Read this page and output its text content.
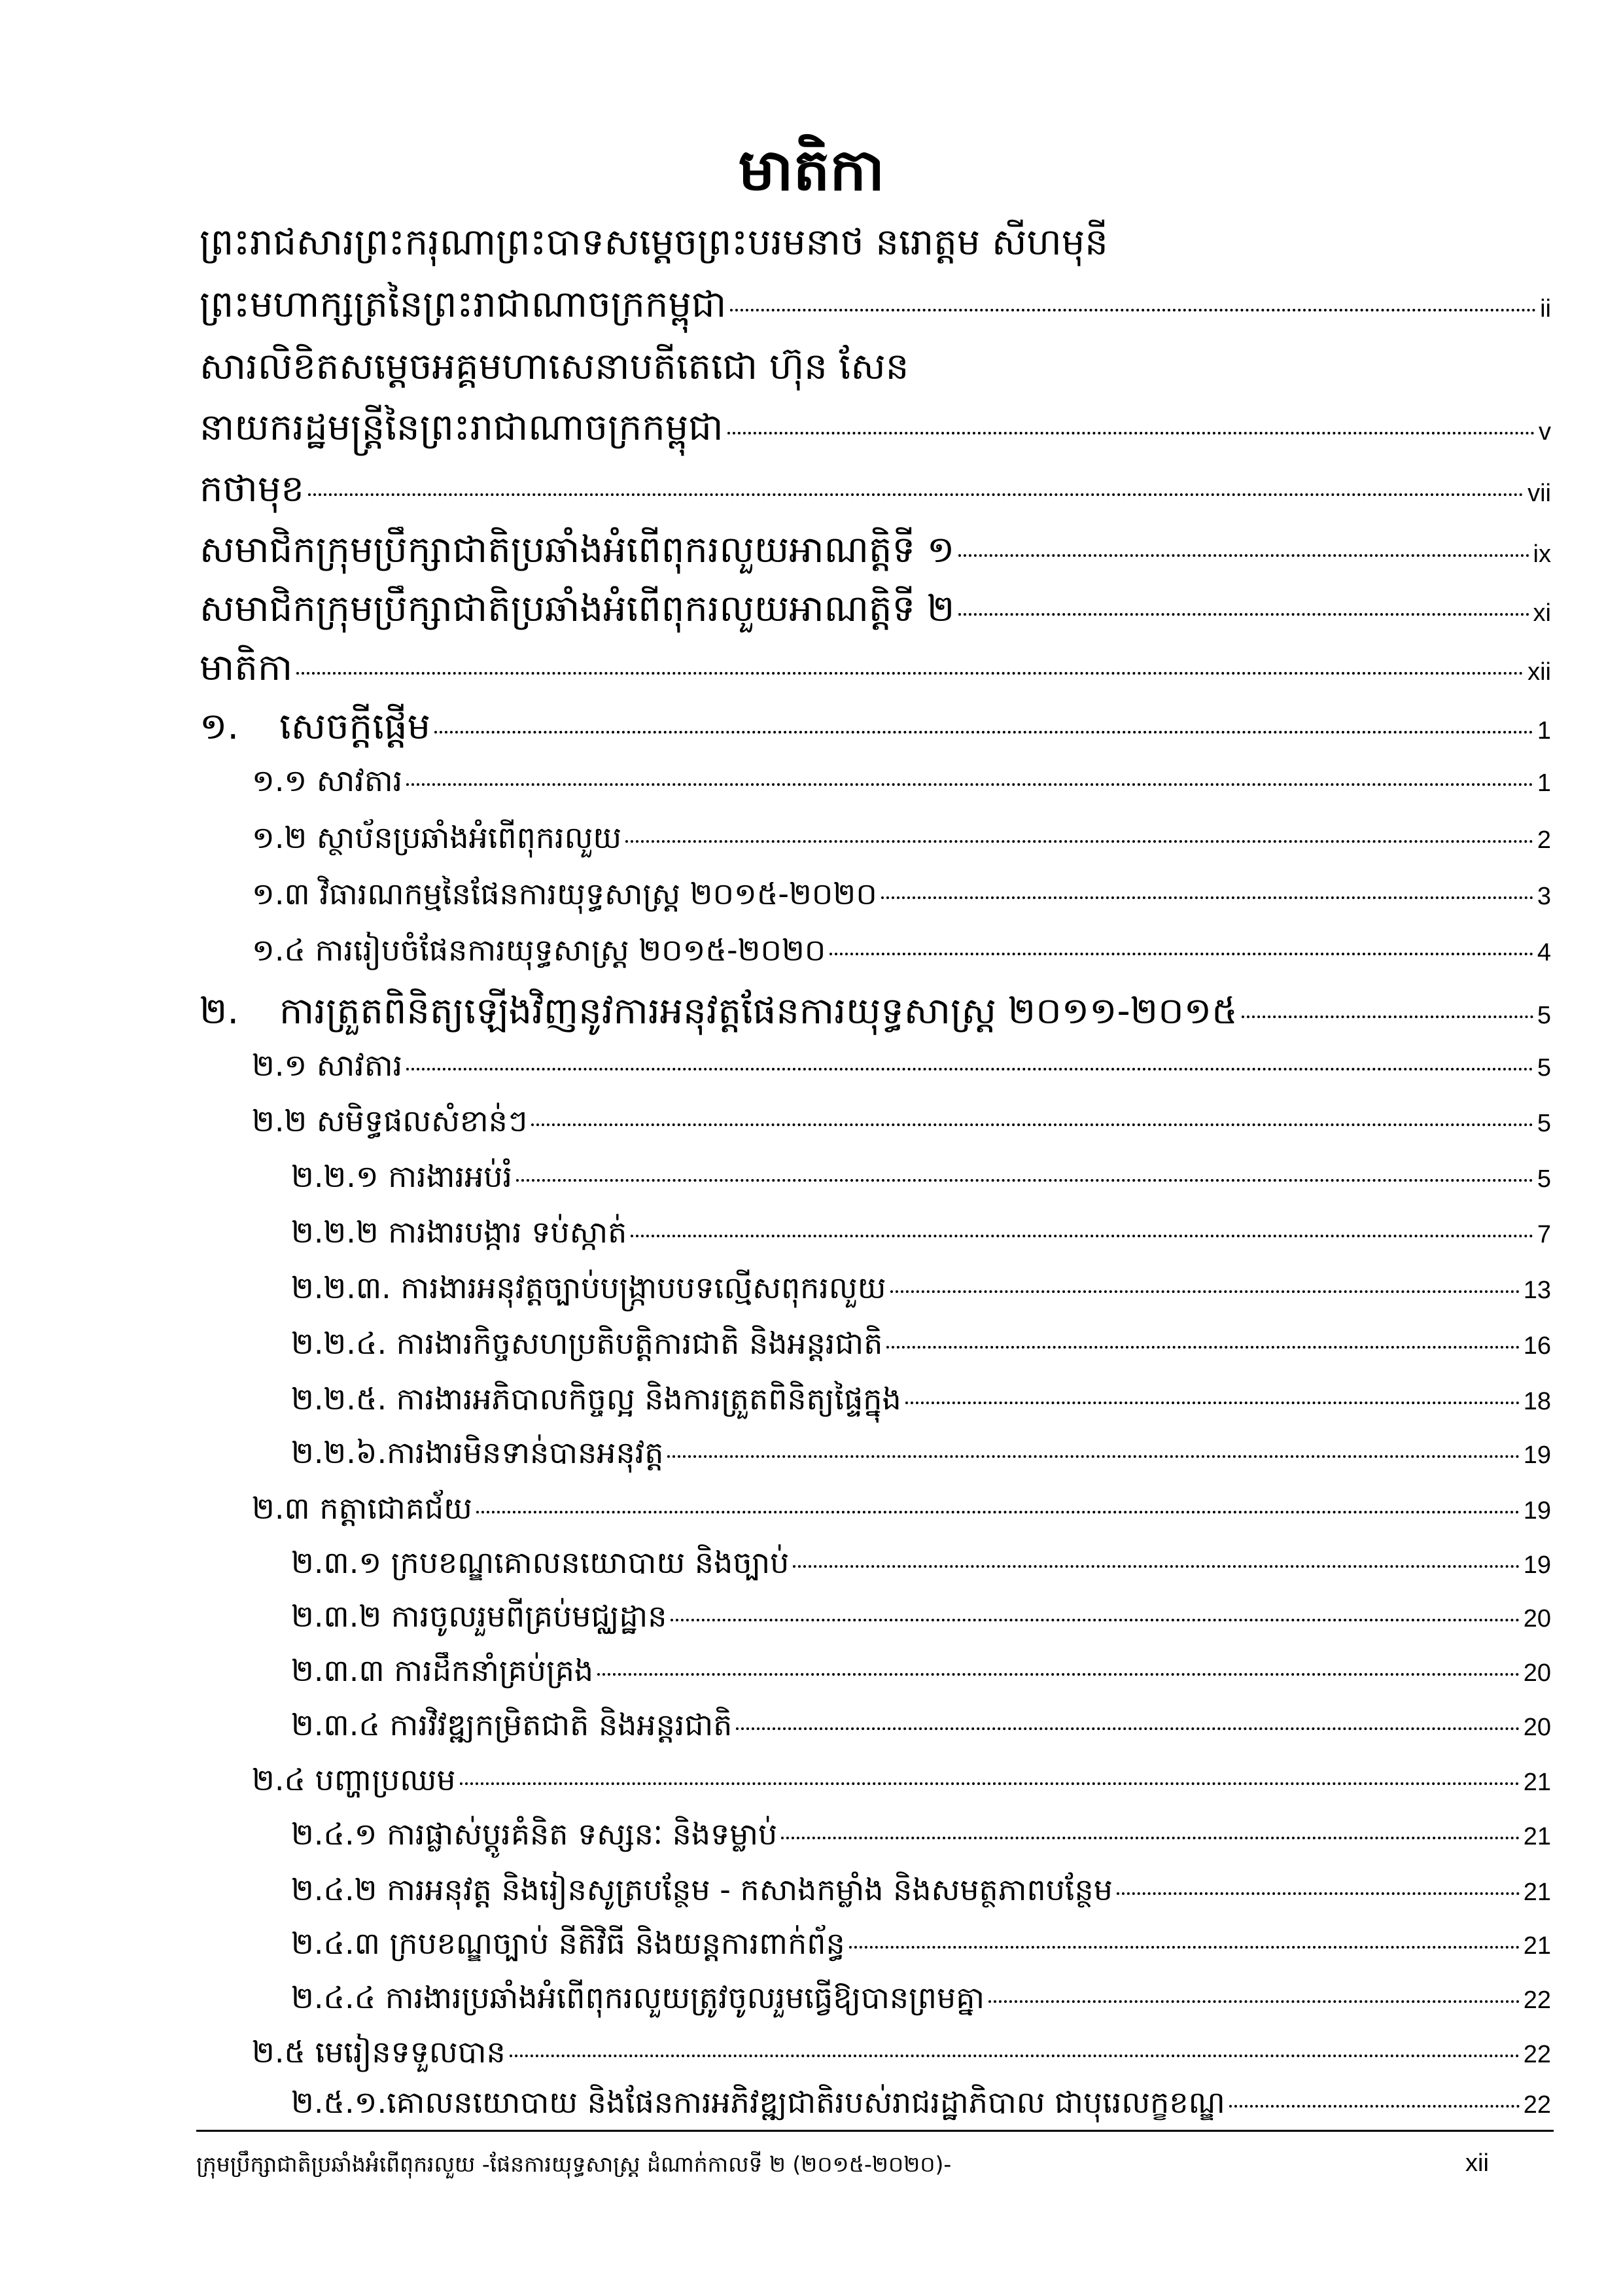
មាតិកា
ព្រះរាជសារព្រះករុណាព្រះបាទសម្ដេចព្រះបរមនាថ នរោត្ដម សីហមុនី
ព្រះមហាក្សត្រនៃព្រះរាជាណាចក្រកម្ពុជា	ii
សារលិខិតសម្ដេចអគ្គមហាសេនាបតីតេជោ ហ៊ុន សែន
នាយករដ្ឋមន្ដ្រីនៃព្រះរាជាណាចក្រកម្ពុជា	v
កថាមុខ	vii
សមាជិកក្រុមប្រឹក្សាជាតិប្រឆាំងអំពើពុករលួយអាណត្តិទី ១	ix
សមាជិកក្រុមប្រឹក្សាជាតិប្រឆាំងអំពើពុករលួយអាណត្តិទី ២	xi
មាតិកា	xii
១.	សេចក្ដីផ្ដើម	1
១.១ សាវតារ	1
១.២ ស្ថាប័នប្រឆាំងអំពើពុករលួយ	2
១.៣ វិធារណកម្មនៃផែនការយុទ្ធសាស្ដ្រ ២០១៥-២០២០	3
១.៤ ការរៀបចំផែនការយុទ្ធសាស្ដ្រ ២០១៥-២០២០	4
២.	ការត្រួតពិនិត្យឡើងវិញនូវការអនុវត្តផែនការយុទ្ធសាស្ដ្រ ២០១១-២០១៥	5
២.១ សាវតារ	5
២.២ សមិទ្ធផលសំខាន់ៗ	5
២.២.១ ការងារអប់រំ	5
២.២.២ ការងារបង្ការ ទប់ស្កាត់	7
២.២.៣. ការងារអនុវត្តច្បាប់បង្ក្រាបបទល្មើសពុករលួយ	13
២.២.៤. ការងារកិច្ចសហប្រតិបត្តិការជាតិ និងអន្តរជាតិ	16
២.២.៥. ការងារអភិបាលកិច្ចល្អ និងការត្រួតពិនិត្យផ្ទៃក្នុង	18
២.២.៦.ការងារមិនទាន់បានអនុវត្ត	19
២.៣ កត្តាជោគជ័យ	19
២.៣.១ ក្របខណ្ឌគោលនយោបាយ និងច្បាប់	19
២.៣.២ ការចូលរួមពីគ្រប់មជ្ឈដ្ឋាន	20
២.៣.៣ ការដឹកនាំគ្រប់គ្រង	20
២.៣.៤ ការវិវឌ្ឍកម្រិតជាតិ និងអន្តរជាតិ	20
២.៤ បញ្ហាប្រឈម	21
២.៤.១ ការផ្លាស់ប្ដូរគំនិត ទស្សនៈ និងទម្លាប់	21
២.៤.២ ការអនុវត្ត និងរៀនសូត្របន្ថែម - កសាងកម្លាំង និងសមត្ថភាពបន្ថែម	21
២.៤.៣ ក្របខណ្ឌច្បាប់ នីតិវិធី និងយន្តការពាក់ព័ន្ធ	21
២.៤.៤ ការងារប្រឆាំងអំពើពុករលួយត្រូវចូលរួមធ្វើឱ្យបានព្រមគ្នា	22
២.៥ មេរៀនទទួលបាន	22
២.៥.១.គោលនយោបាយ និងផែនការអភិវឌ្ឍជាតិរបស់រាជរដ្ឋាភិបាល ជាបុរេលក្ខខណ្ឌ	22
ក្រុមប្រឹក្សាជាតិប្រឆាំងអំពើពុករលួយ -ផែនការយុទ្ធសាស្ដ្រ ដំណាក់កាលទី ២ (២០១៥-២០២០)-	xii
